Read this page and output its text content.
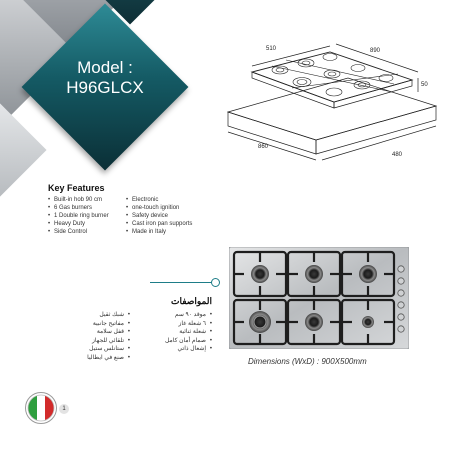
Model :
H96GLCX
510	890
50
860
480
Key Features
• Built-in hob 90 cm
• 6 Gas burners
• 1 Double ring burner
• Heavy Duty
• Side Control
• Electronic
• one-touch ignition
• Safety device
• Cast iron pan supports
• Made in Italy
المواصفات
• موقد ٩٠ سم
• ٦ شعلة غاز
• شعلة ثنائية
• صمام أمان كامل
• إشعال ذاتي
• شبك ثقيل
• مفاتيح جانبية
• قفل سلامة
• تلقائي للجهاز
• ستانلس ستيل
• صنع في ايطاليا	Dimensions (WxD) : 900X500mm
1
